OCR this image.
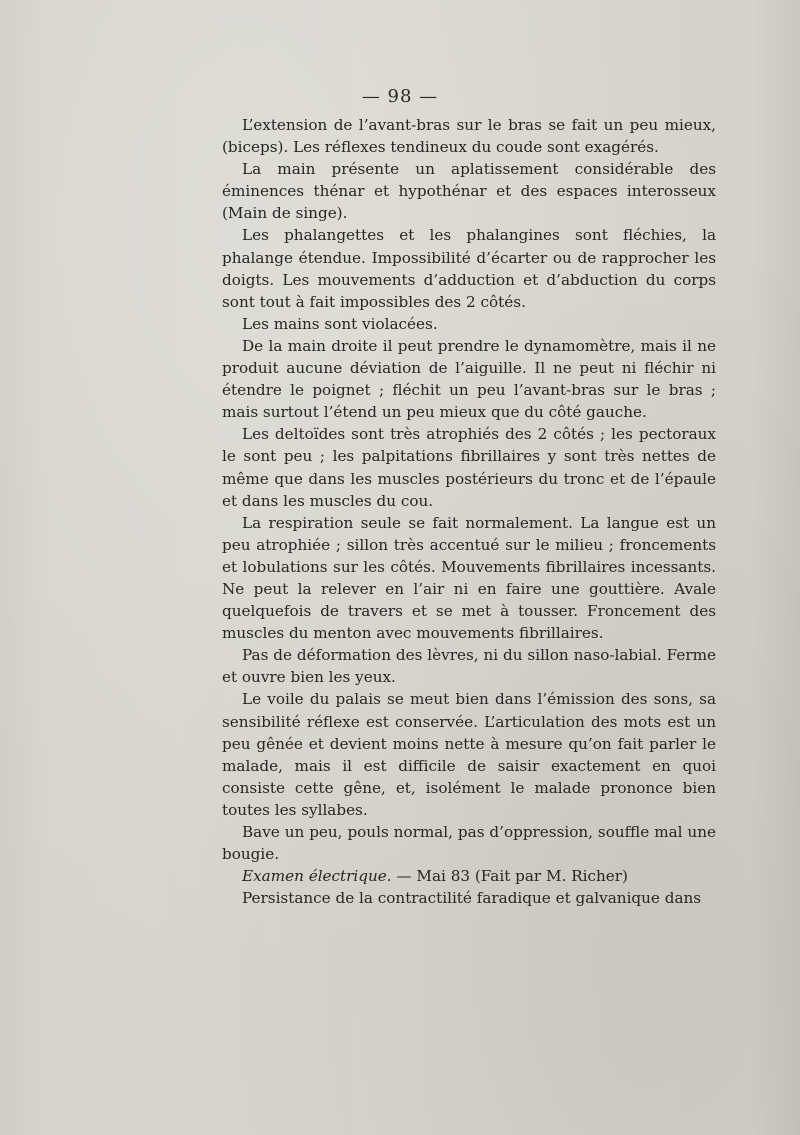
— 98 —

L’extension de l’avant-bras sur le bras se fait un peu mieux, (biceps). Les réflexes tendineux du coude sont exagérés.

La main présente un aplatissement considérable des éminences thénar et hypothénar et des espaces interosseux (Main de singe).

Les phalangettes et les phalangines sont fléchies, la phalange étendue. Impossibilité d’écarter ou de rapprocher les doigts. Les mouvements d’adduction et d’abduction du corps sont tout à fait impossibles des 2 côtés.

Les mains sont violacées.

De la main droite il peut prendre le dynamomètre, mais il ne produit aucune déviation de l’aiguille. Il ne peut ni fléchir ni étendre le poignet ; fléchit un peu l’avant-bras sur le bras ; mais surtout l’étend un peu mieux que du côté gauche.

Les deltoïdes sont très atrophiés des 2 côtés ; les pectoraux le sont peu ; les palpitations fibrillaires y sont très nettes de même que dans les muscles postérieurs du tronc et de l’épaule et dans les muscles du cou.

La respiration seule se fait normalement. La langue est un peu atrophiée ; sillon très accentué sur le milieu ; froncements et lobulations sur les côtés. Mouvements fibrillaires incessants. Ne peut la relever en l’air ni en faire une gouttière. Avale quelquefois de travers et se met à tousser. Froncement des muscles du menton avec mouvements fibrillaires.

Pas de déformation des lèvres, ni du sillon naso-labial. Ferme et ouvre bien les yeux.

Le voile du palais se meut bien dans l’émission des sons, sa sensibilité réflexe est conservée. L’articulation des mots est un peu gênée et devient moins nette à mesure qu’on fait parler le malade, mais il est difficile de saisir exactement en quoi consiste cette gêne, et, isolément le malade prononce bien toutes les syllabes.

Bave un peu, pouls normal, pas d’oppression, souffle mal une bougie.

Examen électrique. — Mai 83 (Fait par M. Richer)

Persistance de la contractilité faradique et galvanique dans
